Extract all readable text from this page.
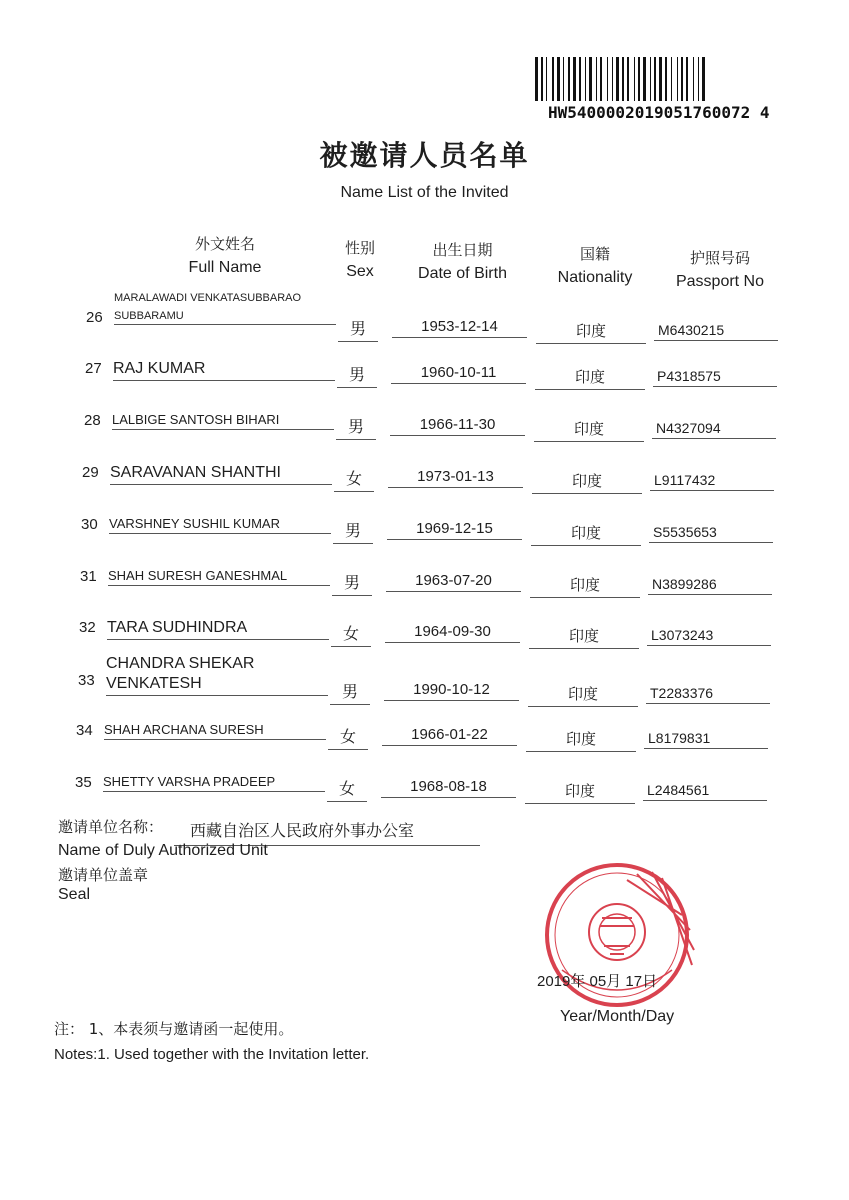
HW5400002019051760072 4
被邀请人员名单
Name List of the Invited
外文姓名
Full Name
性别
Sex
出生日期
Date of Birth
国籍
Nationality
护照号码
Passport No
26
MARALAWADI VENKATASUBBARAO
SUBBARAMU
男	1953-12-14	印度	M6430215
27 RAJ KUMAR	男	1960-10-11	印度	P4318575
28 LALBIGE SANTOSH BIHARI	男	1966-11-30	印度	N4327094
29 SARAVANAN SHANTHI	女	1973-01-13	印度	L9117432
30 VARSHNEY SUSHIL KUMAR	男	1969-12-15	印度	S5535653
31 SHAH SURESH GANESHMAL	男	1963-07-20	印度	N3899286
32 TARA SUDHINDRA	女	1964-09-30	印度	L3073243
33
CHANDRA SHEKAR
VENKATESH	男	1990-10-12	印度	T2283376
34 SHAH ARCHANA SURESH	女	1966-01-22	印度	L8179831
35 SHETTY VARSHA PRADEEP	女	1968-08-18	印度	L2484561
邀请单位名称：	西藏自治区人民政府外事办公室
Name of Duly Authorized Unit
邀请单位盖章
Seal
2019年 05月 17日
Year/Month/Day
注： 1、本表须与邀请函一起使用。
Notes:1. Used together with the Invitation letter.
